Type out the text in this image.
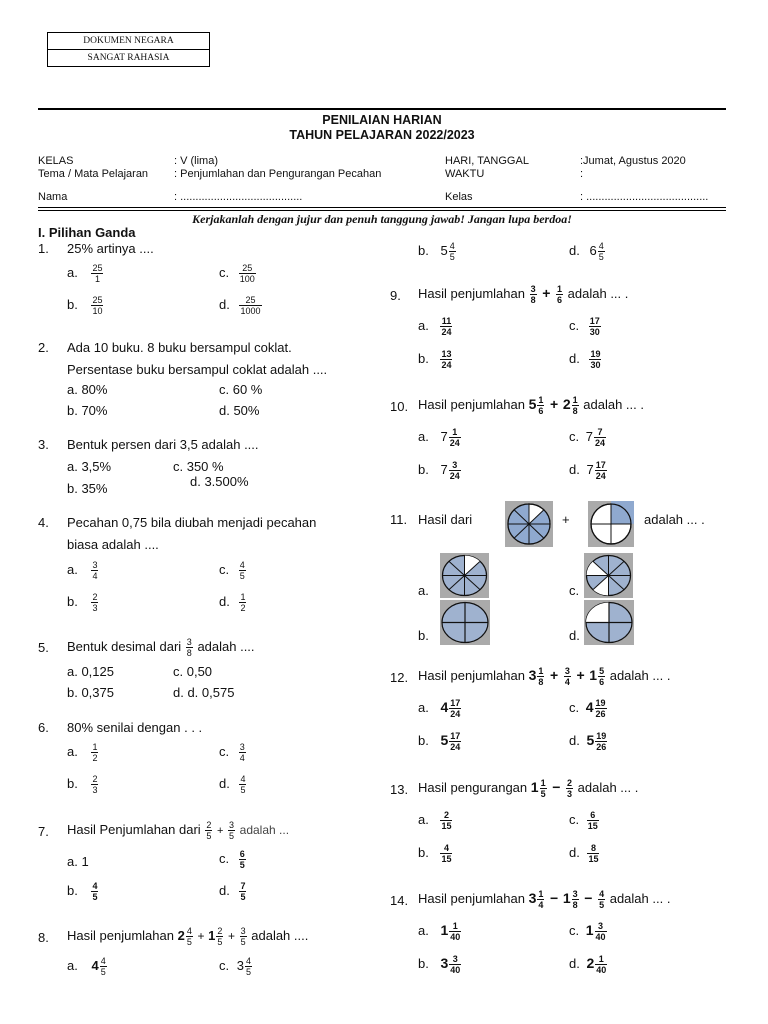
DOKUMEN NEGARA
SANGAT RAHASIA
PENILAIAN HARIAN
TAHUN PELAJARAN 2022/2023
KELAS	: V (lima)
Tema / Mata Pelajaran : Penjumlahan dan Pengurangan Pecahan
HARI, TANGGAL	:Jumat, Agustus 2020
WAKTU	:
Nama	: ........................................	Kelas	: ........................................
Kerjakanlah dengan jujur dan penuh tanggung jawab! Jangan lupa berdoa!
I. Pilihan Ganda
1. 25% artinya ....
a. $\frac{25}{1}$	c. $\frac{25}{100}$
b. $\frac{25}{10}$	d. $\frac{25}{1000}$
2. Ada 10 buku. 8 buku bersampul coklat.
Persentase buku bersampul coklat adalah ....
a. 80%	c. 60 %
b. 70%	d. 50%
3. Bentuk persen dari 3,5 adalah ....
a. 3,5%	c. 350 %
b. 35%	d. 3.500%
4. Pecahan 0,75 bila diubah menjadi pecahan
biasa adalah ....
a. $\frac{3}{4}$	c. $\frac{4}{5}$
b. $\frac{2}{3}$	d. $\frac{1}{2}$
5. Bentuk desimal dari $\frac{3}{8}$ adalah ....
a. 0,125	c. 0,50
b. 0,375	d. d. 0,575
6. 80% senilai dengan . . .
a. $\frac{1}{2}$	c. $\frac{3}{4}$
b. $\frac{2}{3}$	d. $\frac{4}{5}$
7. Hasil Penjumlahan dari $\frac{2}{5} + \frac{3}{5}$ adalah ...
a. 1	c. $\frac{6}{5}$
b. $\frac{4}{5}$	d. $\frac{7}{5}$
8. Hasil penjumlahan $2 \frac{4}{5} + 1 \frac{2}{5} + \frac{3}{5}$ adalah ....
a. $4 \frac{4}{5}$	c. $3 \frac{4}{5}$
b. $5 \frac{4}{5}$	d. $6 \frac{4}{5}$
9. Hasil penjumlahan $\frac{3}{8} + \frac{1}{6}$ adalah ... .
a. $\frac{11}{24}$	c. $\frac{17}{30}$
b. $\frac{13}{24}$	d. $\frac{19}{30}$
10. Hasil penjumlahan $5 \frac{1}{6} + 2 \frac{1}{8}$ adalah ... .
a. $7 \frac{1}{24}$	c. $7 \frac{7}{24}$
b. $7 \frac{3}{24}$	d. $7 \frac{17}{24}$
11. Hasil dari	+	adalah ... .
a.	c.
b.	d.
12. Hasil penjumlahan $3 \frac{1}{8} + \frac{3}{4} + 1 \frac{5}{6}$ adalah ... .
a. $4 \frac{17}{24}$	c. $4 \frac{19}{26}$
b. $5 \frac{17}{24}$	d. $5 \frac{19}{26}$
13. Hasil pengurangan $1 \frac{1}{5} - \frac{2}{3}$ adalah ... .
a. $\frac{2}{15}$	c. $\frac{6}{15}$
b. $\frac{4}{15}$	d. $\frac{8}{15}$
14. Hasil penjumlahan $3 \frac{1}{4} - 1 \frac{3}{8} - \frac{4}{5}$ adalah ... .
a. $1 \frac{1}{40}$	c. $1 \frac{3}{40}$
b. $3 \frac{3}{40}$	d. $2 \frac{1}{40}$
